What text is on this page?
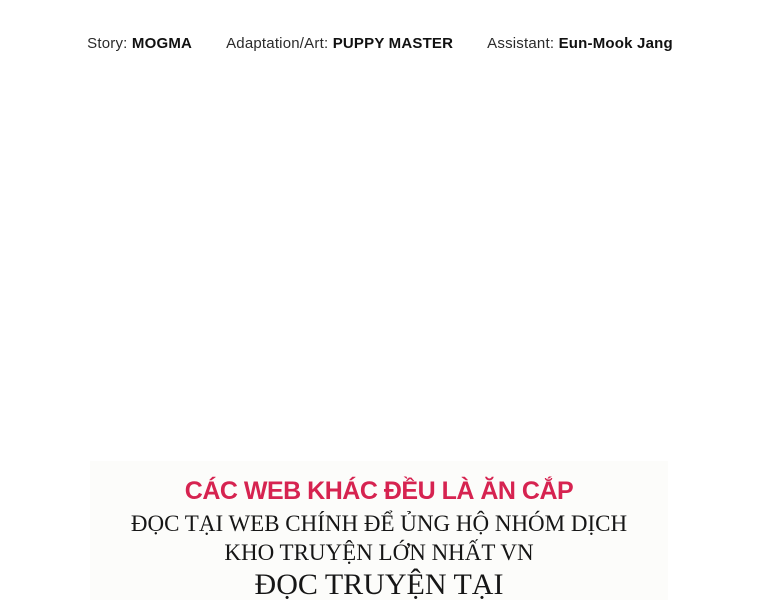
Story: MOGMA Adaptation/Art: PUPPY MASTER Assistant: Eun-Mook Jang
CÁC WEB KHÁC ĐỀU LÀ ĂN CẮP
ĐỌC TẠI WEB CHÍNH ĐỂ ỦNG HỘ NHÓM DỊCH
KHO TRUYỆN LỚN NHẤT VN
ĐỌC TRUYỆN TẠI
